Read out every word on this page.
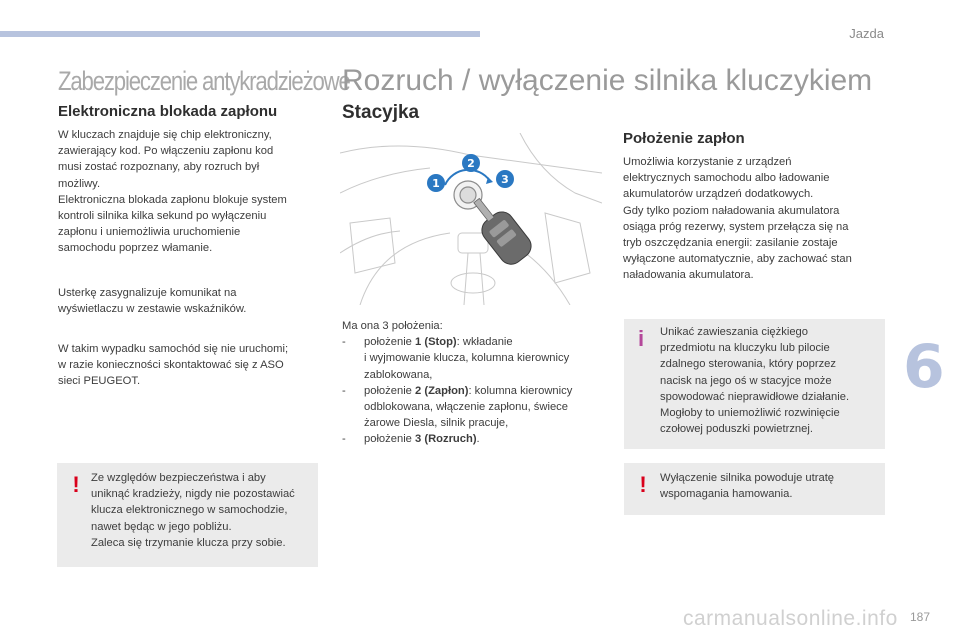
Jazda
6
Zabezpieczenie antykradzieżowe
Elektroniczna blokada zapłonu

W kluczach znajduje się chip elektroniczny,

zawierający kod. Po włączeniu zapłonu kod

musi zostać rozpoznany, aby rozruch był

możliwy.

Elektroniczna blokada zapłonu blokuje system

kontroli silnika kilka sekund po wyłączeniu

zapłonu i uniemożliwia uruchomienie

samochodu poprzez włamanie.

Usterkę zasygnalizuje komunikat na

wyświetlaczu w zestawie wskaźników.

W takim wypadku samochód się nie uruchomi;

w razie konieczności skontaktować się z ASO

sieci PEUGEOT.

! Ze względów bezpieczeństwa i aby

uniknąć kradzieży, nigdy nie pozostawiać

klucza elektronicznego w samochodzie,

nawet będąc w jego pobliżu.

Zaleca się trzymanie klucza przy sobie.

Rozruch / wyłączenie silnika kluczykiem
Stacyjka
1
2
3

Ma ona 3 położenia:

-	położenie 1 (Stop): wkładanie

i wyjmowanie klucza, kolumna kierownicy

zablokowana,

-	położenie 2 (Zapłon): kolumna kierownicy

odblokowana, włączenie zapłonu, świece

żarowe Diesla, silnik pracuje,

-	położenie 3 (Rozruch).

Położenie zapłon

Umożliwia korzystanie z urządzeń

elektrycznych samochodu albo ładowanie

akumulatorów urządzeń dodatkowych.

Gdy tylko poziom naładowania akumulatora

osiąga próg rezerwy, system przełącza się na

tryb oszczędzania energii: zasilanie zostaje

wyłączone automatycznie, aby zachować stan

naładowania akumulatora.

i	Unikać zawieszania ciężkiego

przedmiotu na kluczyku lub pilocie

zdalnego sterowania, który poprzez

nacisk na jego oś w stacyjce może

spowodować nieprawidłowe działanie.

Mogłoby to uniemożliwić rozwinięcie

czołowej poduszki powietrznej.

! Wyłączenie silnika powoduje utratę

wspomagania hamowania.

carmanualsonline.info 187
